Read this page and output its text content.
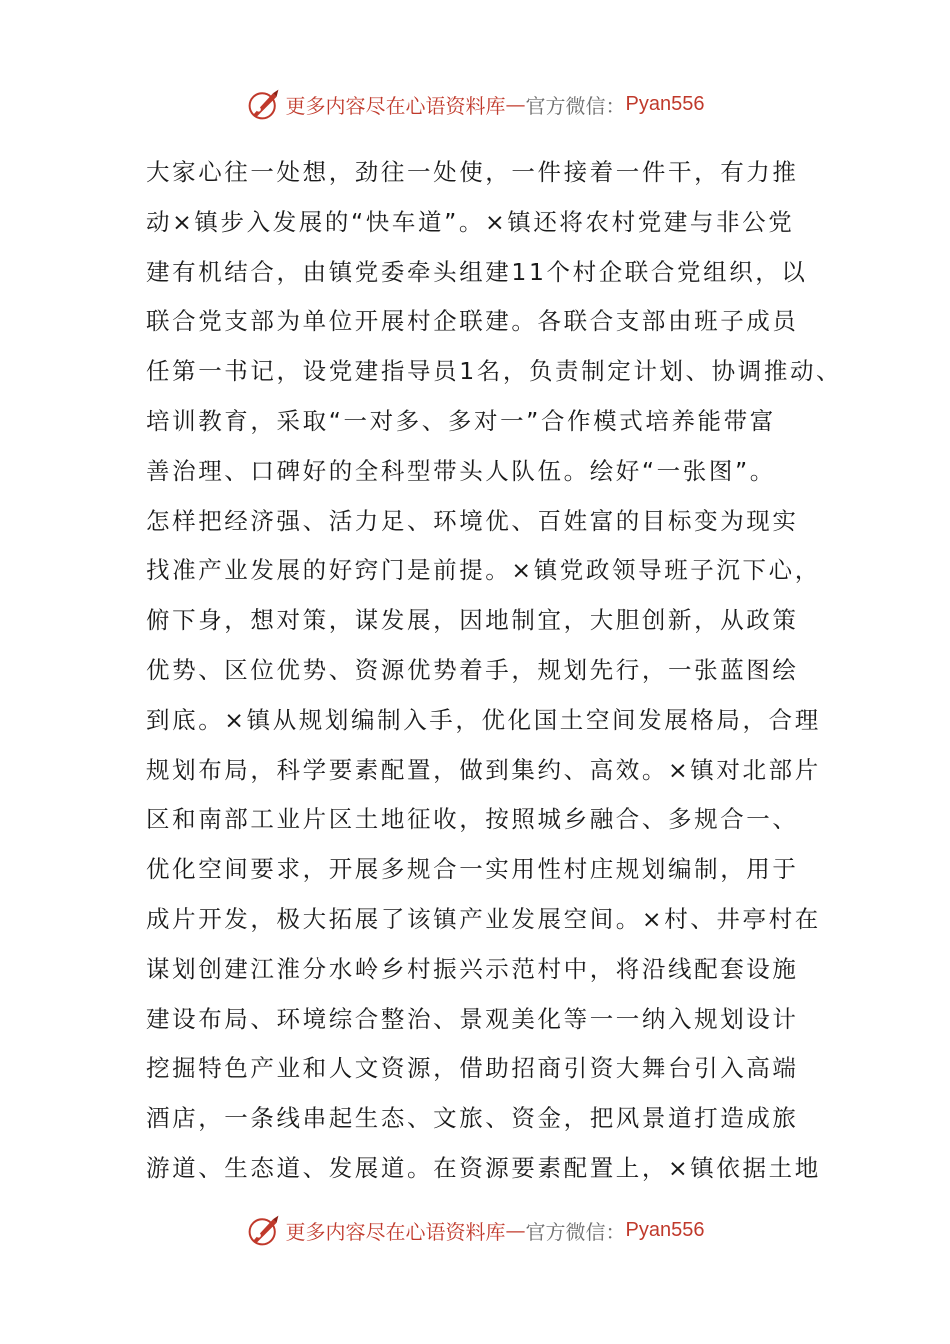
更多内容尽在心语资料库 — 官方微信： Pyan556
大家心往一处想，劲往一处使，一件接着一件干，有力推
动×镇步入发展的“快车道”。×镇还将农村党建与非公党
建有机结合，由镇党委牵头组建11个村企联合党组织，以
联合党支部为单位开展村企联建。各联合支部由班子成员
任第一书记，设党建指导员1名，负责制定计划、协调推动、
培训教育，采取“一对多、多对一”合作模式培养能带富
善治理、口碑好的全科型带头人队伍。绘好“一张图”。
怎样把经济强、活力足、环境优、百姓富的目标变为现实
找准产业发展的好窍门是前提。×镇党政领导班子沉下心，
俯下身，想对策，谋发展，因地制宜，大胆创新，从政策
优势、区位优势、资源优势着手，规划先行，一张蓝图绘
到底。×镇从规划编制入手，优化国土空间发展格局，合理
规划布局，科学要素配置，做到集约、高效。×镇对北部片
区和南部工业片区土地征收，按照城乡融合、多规合一、
优化空间要求，开展多规合一实用性村庄规划编制，用于
成片开发，极大拓展了该镇产业发展空间。×村、井亭村在
谋划创建江淮分水岭乡村振兴示范村中，将沿线配套设施
建设布局、环境综合整治、景观美化等一一纳入规划设计
挖掘特色产业和人文资源，借助招商引资大舞台引入高端
酒店，一条线串起生态、文旅、资金，把风景道打造成旅
游道、生态道、发展道。在资源要素配置上，×镇依据土地
更多内容尽在心语资料库 — 官方微信： Pyan556
